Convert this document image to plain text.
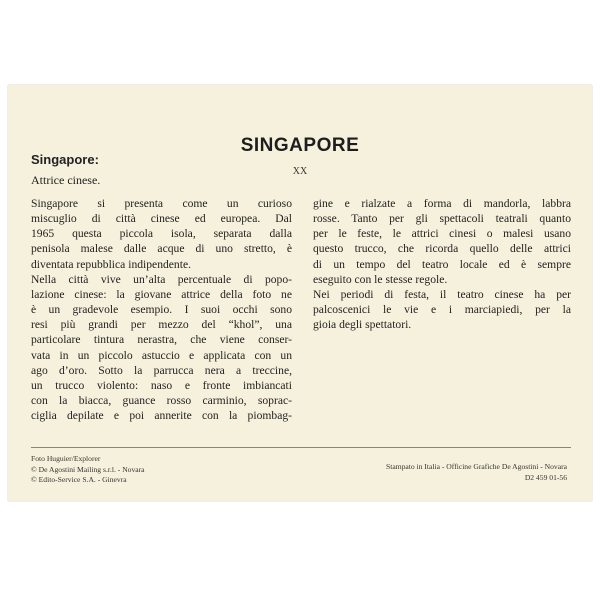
SINGAPORE
XX
Singapore:
Attrice cinese.

Singapore si presenta come un curioso

miscuglio di città cinese ed europea. Dal

1965 questa piccola isola, separata dalla

penisola malese dalle acque di uno stretto, è

diventata repubblica indipendente.

Nella città vive un’alta percentuale di popo-

lazione cinese: la giovane attrice della foto ne

è un gradevole esempio. I suoi occhi sono

resi più grandi per mezzo del “khol”, una

particolare tintura nerastra, che viene conser-

vata in un piccolo astuccio e applicata con un

ago d’oro. Sotto la parrucca nera a treccine,

un trucco violento: naso e fronte imbiancati

con la biacca, guance rosso carminio, soprac-

ciglia depilate e poi annerite con la piombag-

gine e rialzate a forma di mandorla, labbra

rosse. Tanto per gli spettacoli teatrali quanto

per le feste, le attrici cinesi o malesi usano

questo trucco, che ricorda quello delle attrici

di un tempo del teatro locale ed è sempre

eseguito con le stesse regole.

Nei periodi di festa, il teatro cinese ha per

palcoscenici le vie e i marciapiedi, per la

gioia degli spettatori.

Foto Huguier/Explorer
© De Agostini Mailing s.r.l. - Novara
© Edito-Service S.A. - Ginevra
Stampato in Italia - Officine Grafiche De Agostini - Novara
D2 459 01-56
